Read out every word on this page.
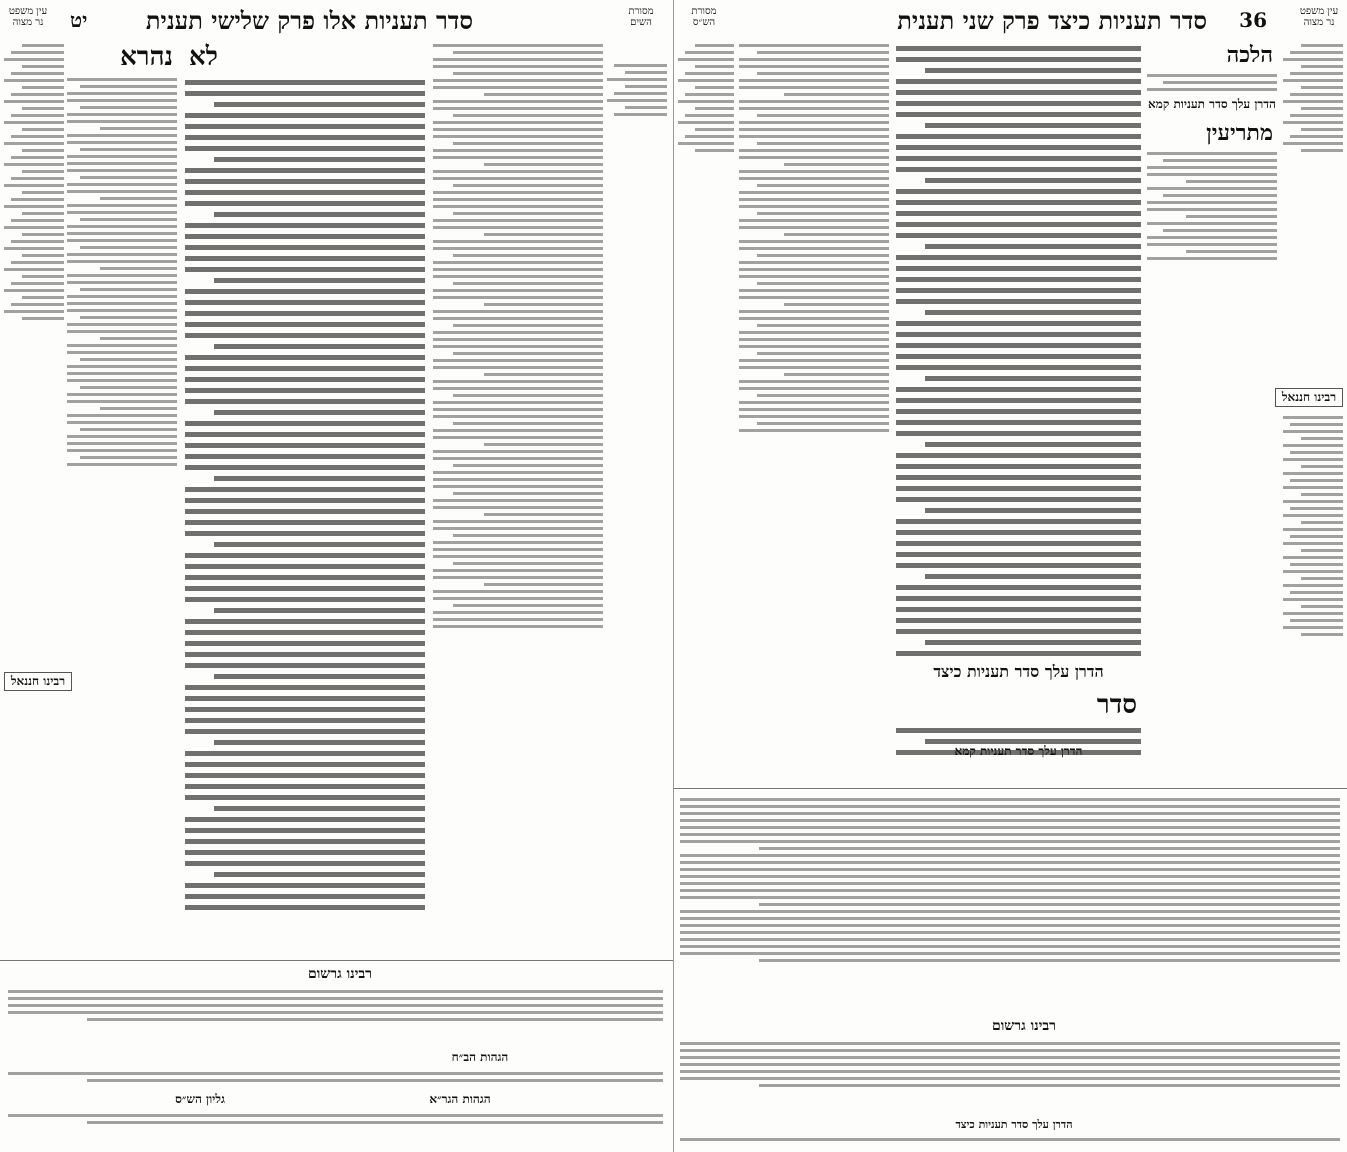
מסורת השים
סדר תעניות אלו פרק שלישי תענית
יט
עין משפט נר מצוה
לא
נהרא
רבינו חננאל
רבינו גרשום
הגהות הב״ח
הגהות הגר״א
גליון הש״ס
עין משפט נר מצוה
36
סדר תעניות כיצד פרק שני תענית
מסורת הש״ס
רבינו חננאל
הלכה
הדרן עלך סדר תעניות קמא
מתריעין
הדרן עלך סדר תעניות כיצד
סדר
הדרן עלך סדר תעניות קמא
רבינו גרשום
הדרן עלך סדר תעניות כיצד
